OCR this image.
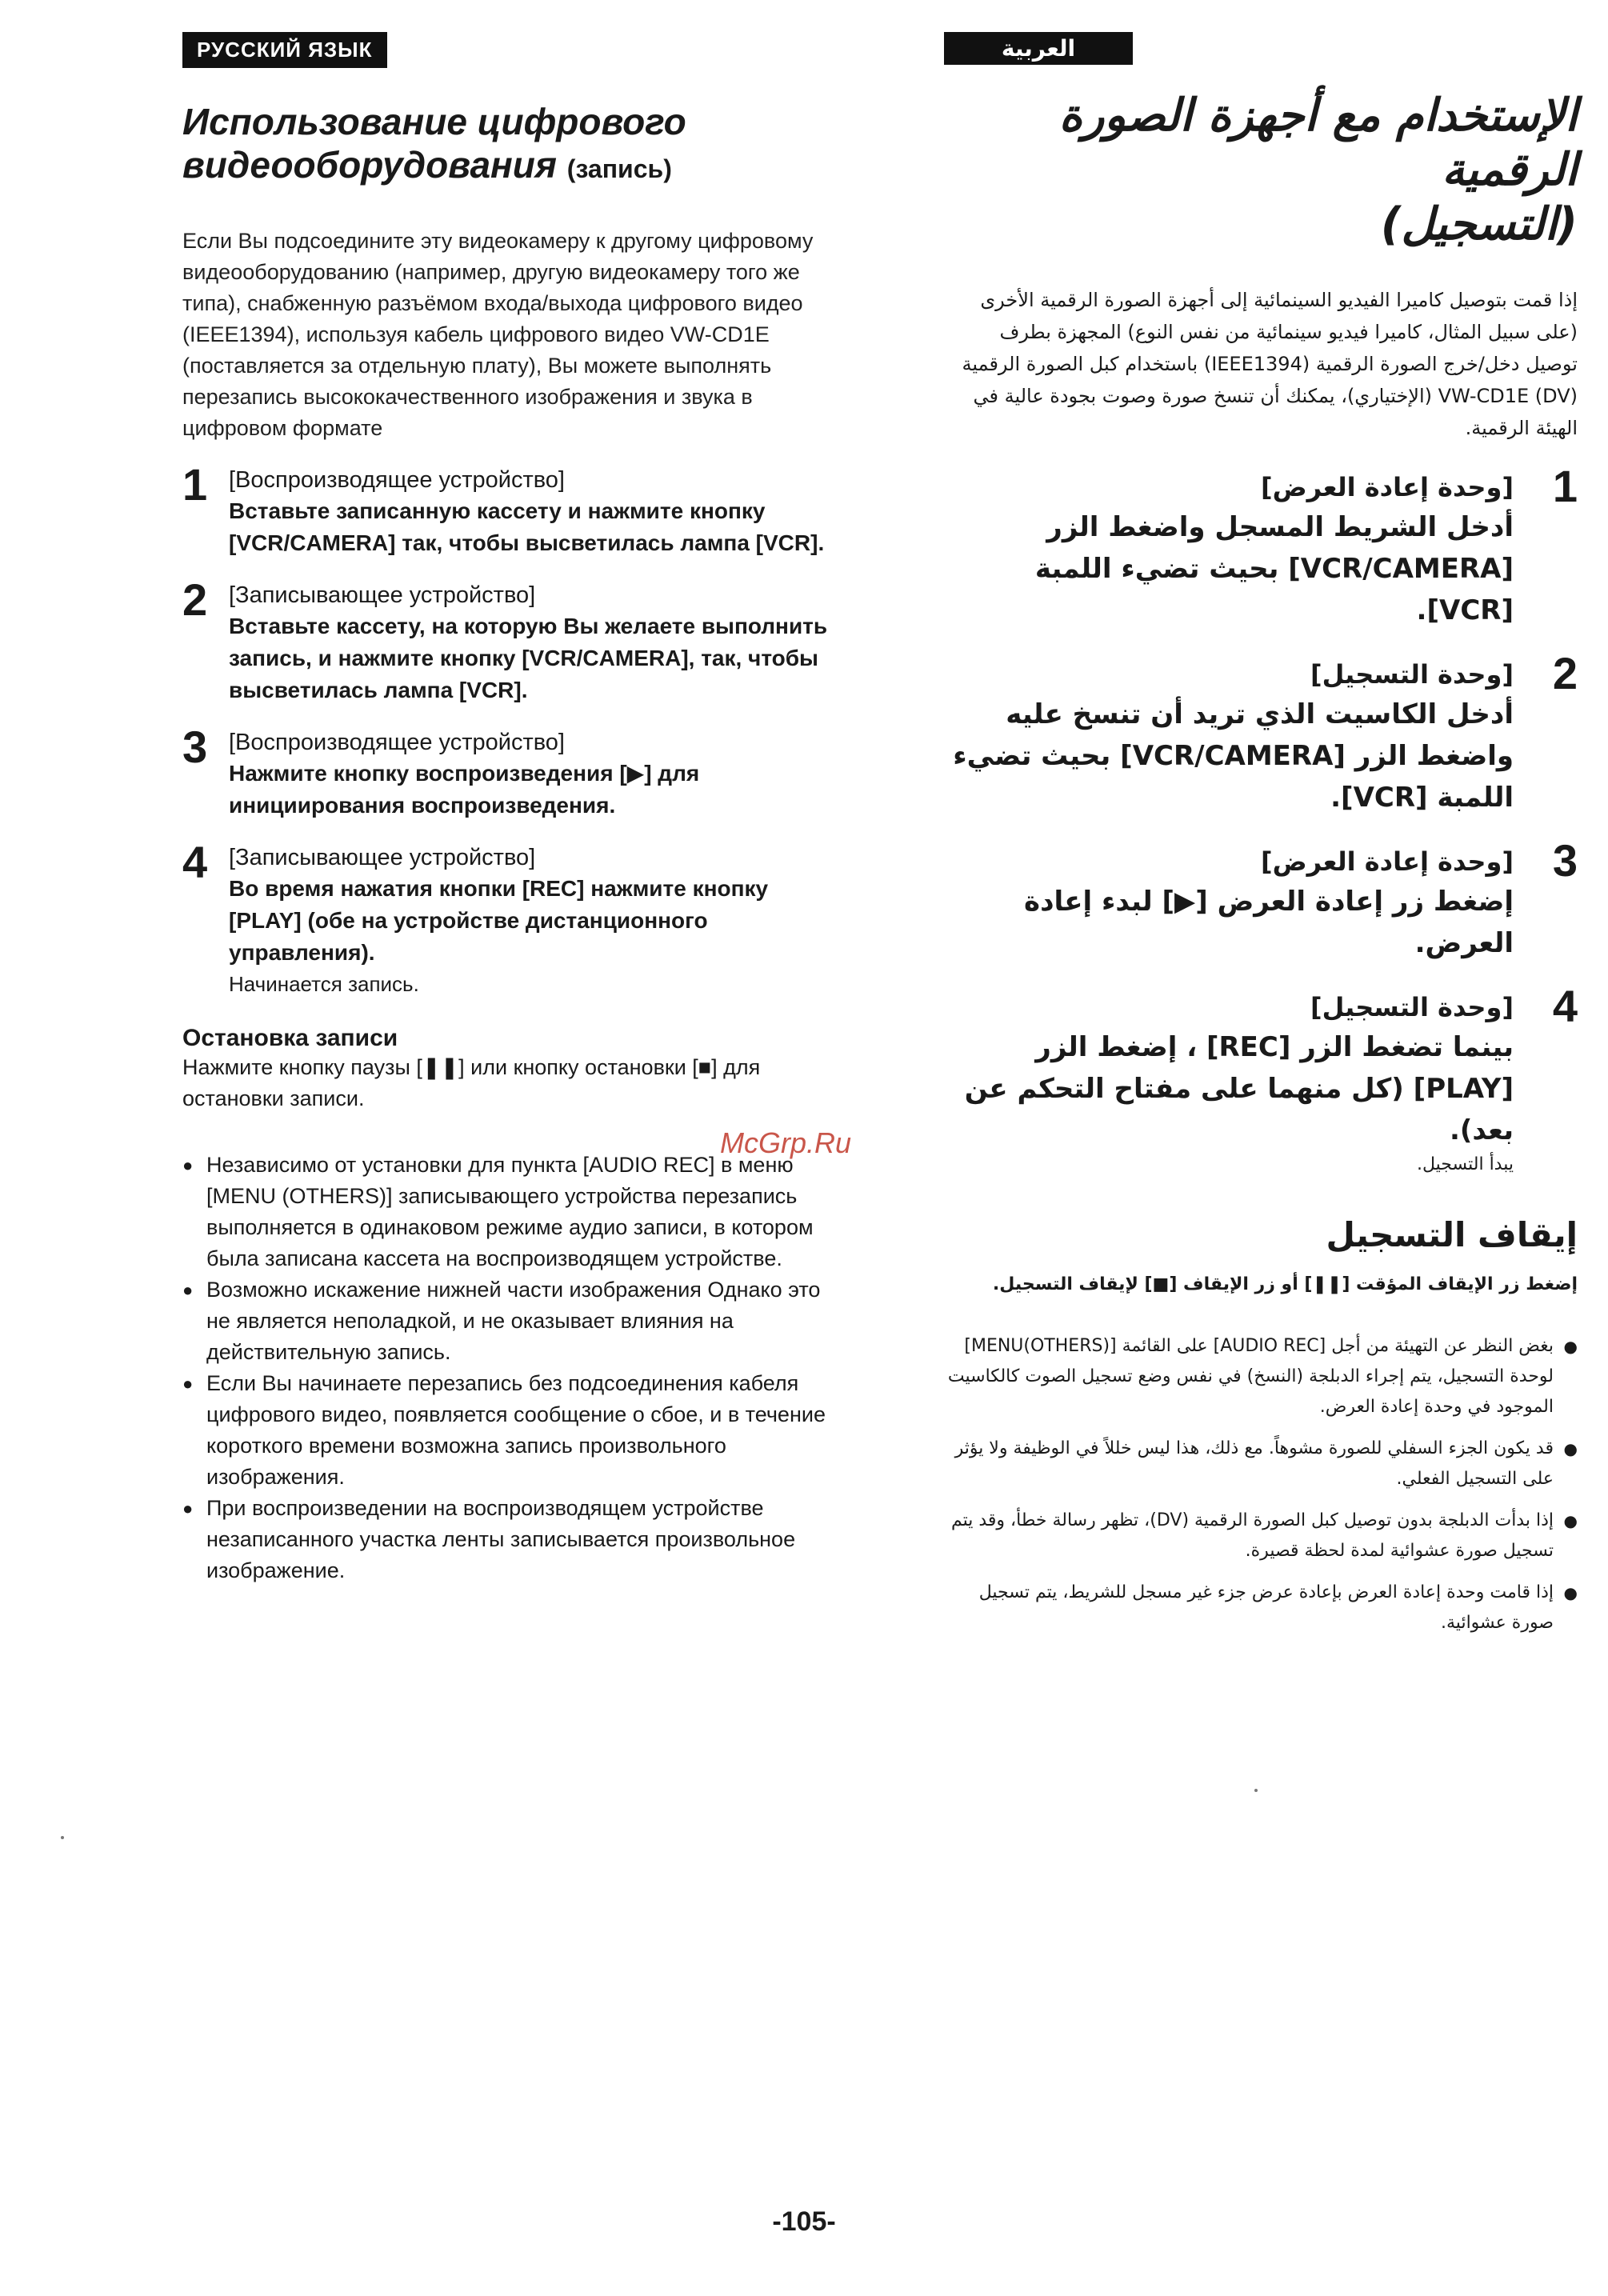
РУССКИЙ ЯЗЫК
Использование цифрового
видеооборудования (запись)

Если Вы подсоедините эту видеокамеру к другому цифровому видеооборудованию (например, другую видеокамеру того же типа), снабженную разъёмом входа/выхода цифрового видео (IEEE1394), используя кабель цифрового видео VW-CD1E (поставляется за отдельную плату), Вы можете выполнять перезапись высококачественного изображения и звука в цифровом формате

1 [Воспроизводящее устройство]
Вставьте записанную кассету и нажмите кнопку [VCR/CAMERA] так, чтобы высветилась лампа [VCR].
2 [Записывающее устройство]
Вставьте кассету, на которую Вы желаете выполнить запись, и нажмите кнопку [VCR/CAMERA], так, чтобы высветилась лампа [VCR].
3 [Воспроизводящее устройство]
Нажмите кнопку воспроизведения [▶] для инициирования воспроизведения.
4 [Записывающее устройство]
Во время нажатия кнопки [REC] нажмите кнопку [PLAY] (обе на устройстве дистанционного управления).
Начинается запись.
Остановка записи
Нажмите кнопку паузы [❚❚] или кнопку остановки [■] для остановки записи.
● Независимо от установки для пункта [AUDIO REC] в меню [MENU (OTHERS)] записывающего устройства перезапись выполняется в одинаковом режиме аудио записи, в котором была записана кассета на воспроизводящем устройстве.
● Возможно искажение нижней части изображения Однако это не является неполадкой, и не оказывает влияния на действительную запись.
● Если Вы начинаете перезапись без подсоединения кабеля цифрового видео, появляется сообщение о сбое, и в течение короткого времени возможна запись произвольного изображения.
● При воспроизведении на воспроизводящем устройстве незаписанного участка ленты записывается произвольное изображение.
العربية
الإستخدام مع أجهزة الصورة
الرقمية
(التسجيل)

إذا قمت بتوصيل كاميرا الفيديو السينمائية إلى أجهزة الصورة الرقمية الأخرى (على سبيل المثال، كاميرا فيديو سينمائية من نفس النوع) المجهزة بطرف توصيل دخل/خرج الصورة الرقمية (IEEE1394) باستخدام كبل الصورة الرقمية VW-CD1E (DV) (الإختياري)، يمكنك أن تنسخ صورة وصوت بجودة عالية في الهيئة الرقمية.

1
[وحدة إعادة العرض]
أدخل الشريط المسجل واضغط الزر [VCR/CAMERA] بحيث تضيء اللمبة [VCR].
2
[وحدة التسجيل]
أدخل الكاسيت الذي تريد أن تنسخ عليه واضغط الزر [VCR/CAMERA] بحيث تضيء اللمبة [VCR].
3
[وحدة إعادة العرض]
إضغط زر إعادة العرض [▶] لبدء إعادة العرض.
4
[وحدة التسجيل]
بينما تضغط الزر [REC] ، إضغط الزر [PLAY] (كل منهما على مفتاح التحكم عن بعد).
يبدأ التسجيل.
إيقاف التسجيل
إضغط زر الإيقاف المؤقت [❚❚] أو زر الإيقاف [■] لإيقاف التسجيل.
●
بغض النظر عن التهيئة من أجل [AUDIO REC] على القائمة [MENU(OTHERS)] لوحدة التسجيل، يتم إجراء الدبلجة (النسخ) في نفس وضع تسجيل الصوت كالكاسيت الموجود في وحدة إعادة العرض.
●
قد يكون الجزء السفلي للصورة مشوهاً. مع ذلك، هذا ليس خللاً في الوظيفة ولا يؤثر على التسجيل الفعلي.
●
إذا بدأت الدبلجة بدون توصيل كبل الصورة الرقمية (DV)، تظهر رسالة خطأ، وقد يتم تسجيل صورة عشوائية لمدة لحظة قصيرة.
●
إذا قامت وحدة إعادة العرض بإعادة عرض جزء غير مسجل للشريط، يتم تسجيل صورة عشوائية.
McGrp.Ru
-105-
